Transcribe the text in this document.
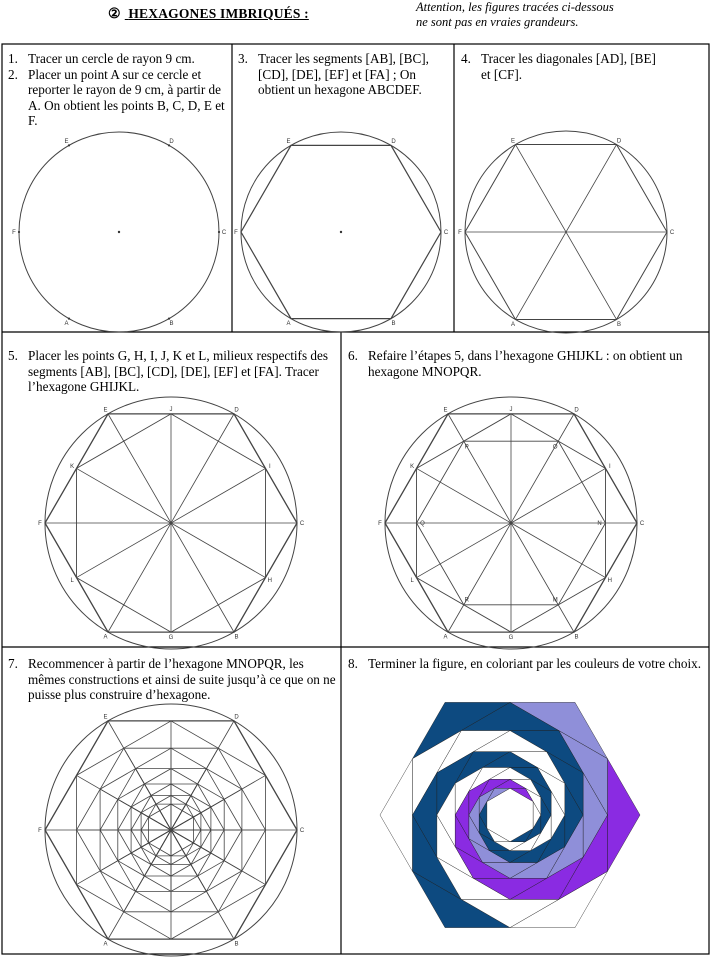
② HEXAGONES IMBRIQUÉS :	Attention, les figures tracées ci-dessous
ne sont pas en vraies grandeurs.
1. Tracer un cercle de rayon 9 cm.
2. Placer un point A sur ce cercle et reporter le rayon de 9 cm, à partir de A. On obtient les points B, C, D, E et F.
3. Tracer les segments [AB], [BC], [CD], [DE], [EF] et [FA] ; On obtient un hexagone ABCDEF.
4. Tracer les diagonales [AD], [BE] et [CF].
5. Placer les points G, H, I, J, K et L, milieux respectifs des segments [AB], [BC], [CD], [DE], [EF] et [FA]. Tracer l’hexagone GHIJKL.
6. Refaire l’étapes 5, dans l’hexagone GHIJKL : on obtient un hexagone MNOPQR.
7. Recommencer à partir de l’hexagone MNOPQR, les mêmes constructions et ainsi de suite jusqu’à ce que on ne puisse plus construire d’hexagone.
8. Terminer la figure, en coloriant par les couleurs de votre choix.
A	B
C
D
E
F
A	B
C
D
E
F
A	B
C
D
E
F
A	B
C
D
E
F
G
H
I
J
K
L
A	B
C
D
E
F
G
H
I
J
K
L
M
N
O
P
Q
R
A	B
C
D
E
F
